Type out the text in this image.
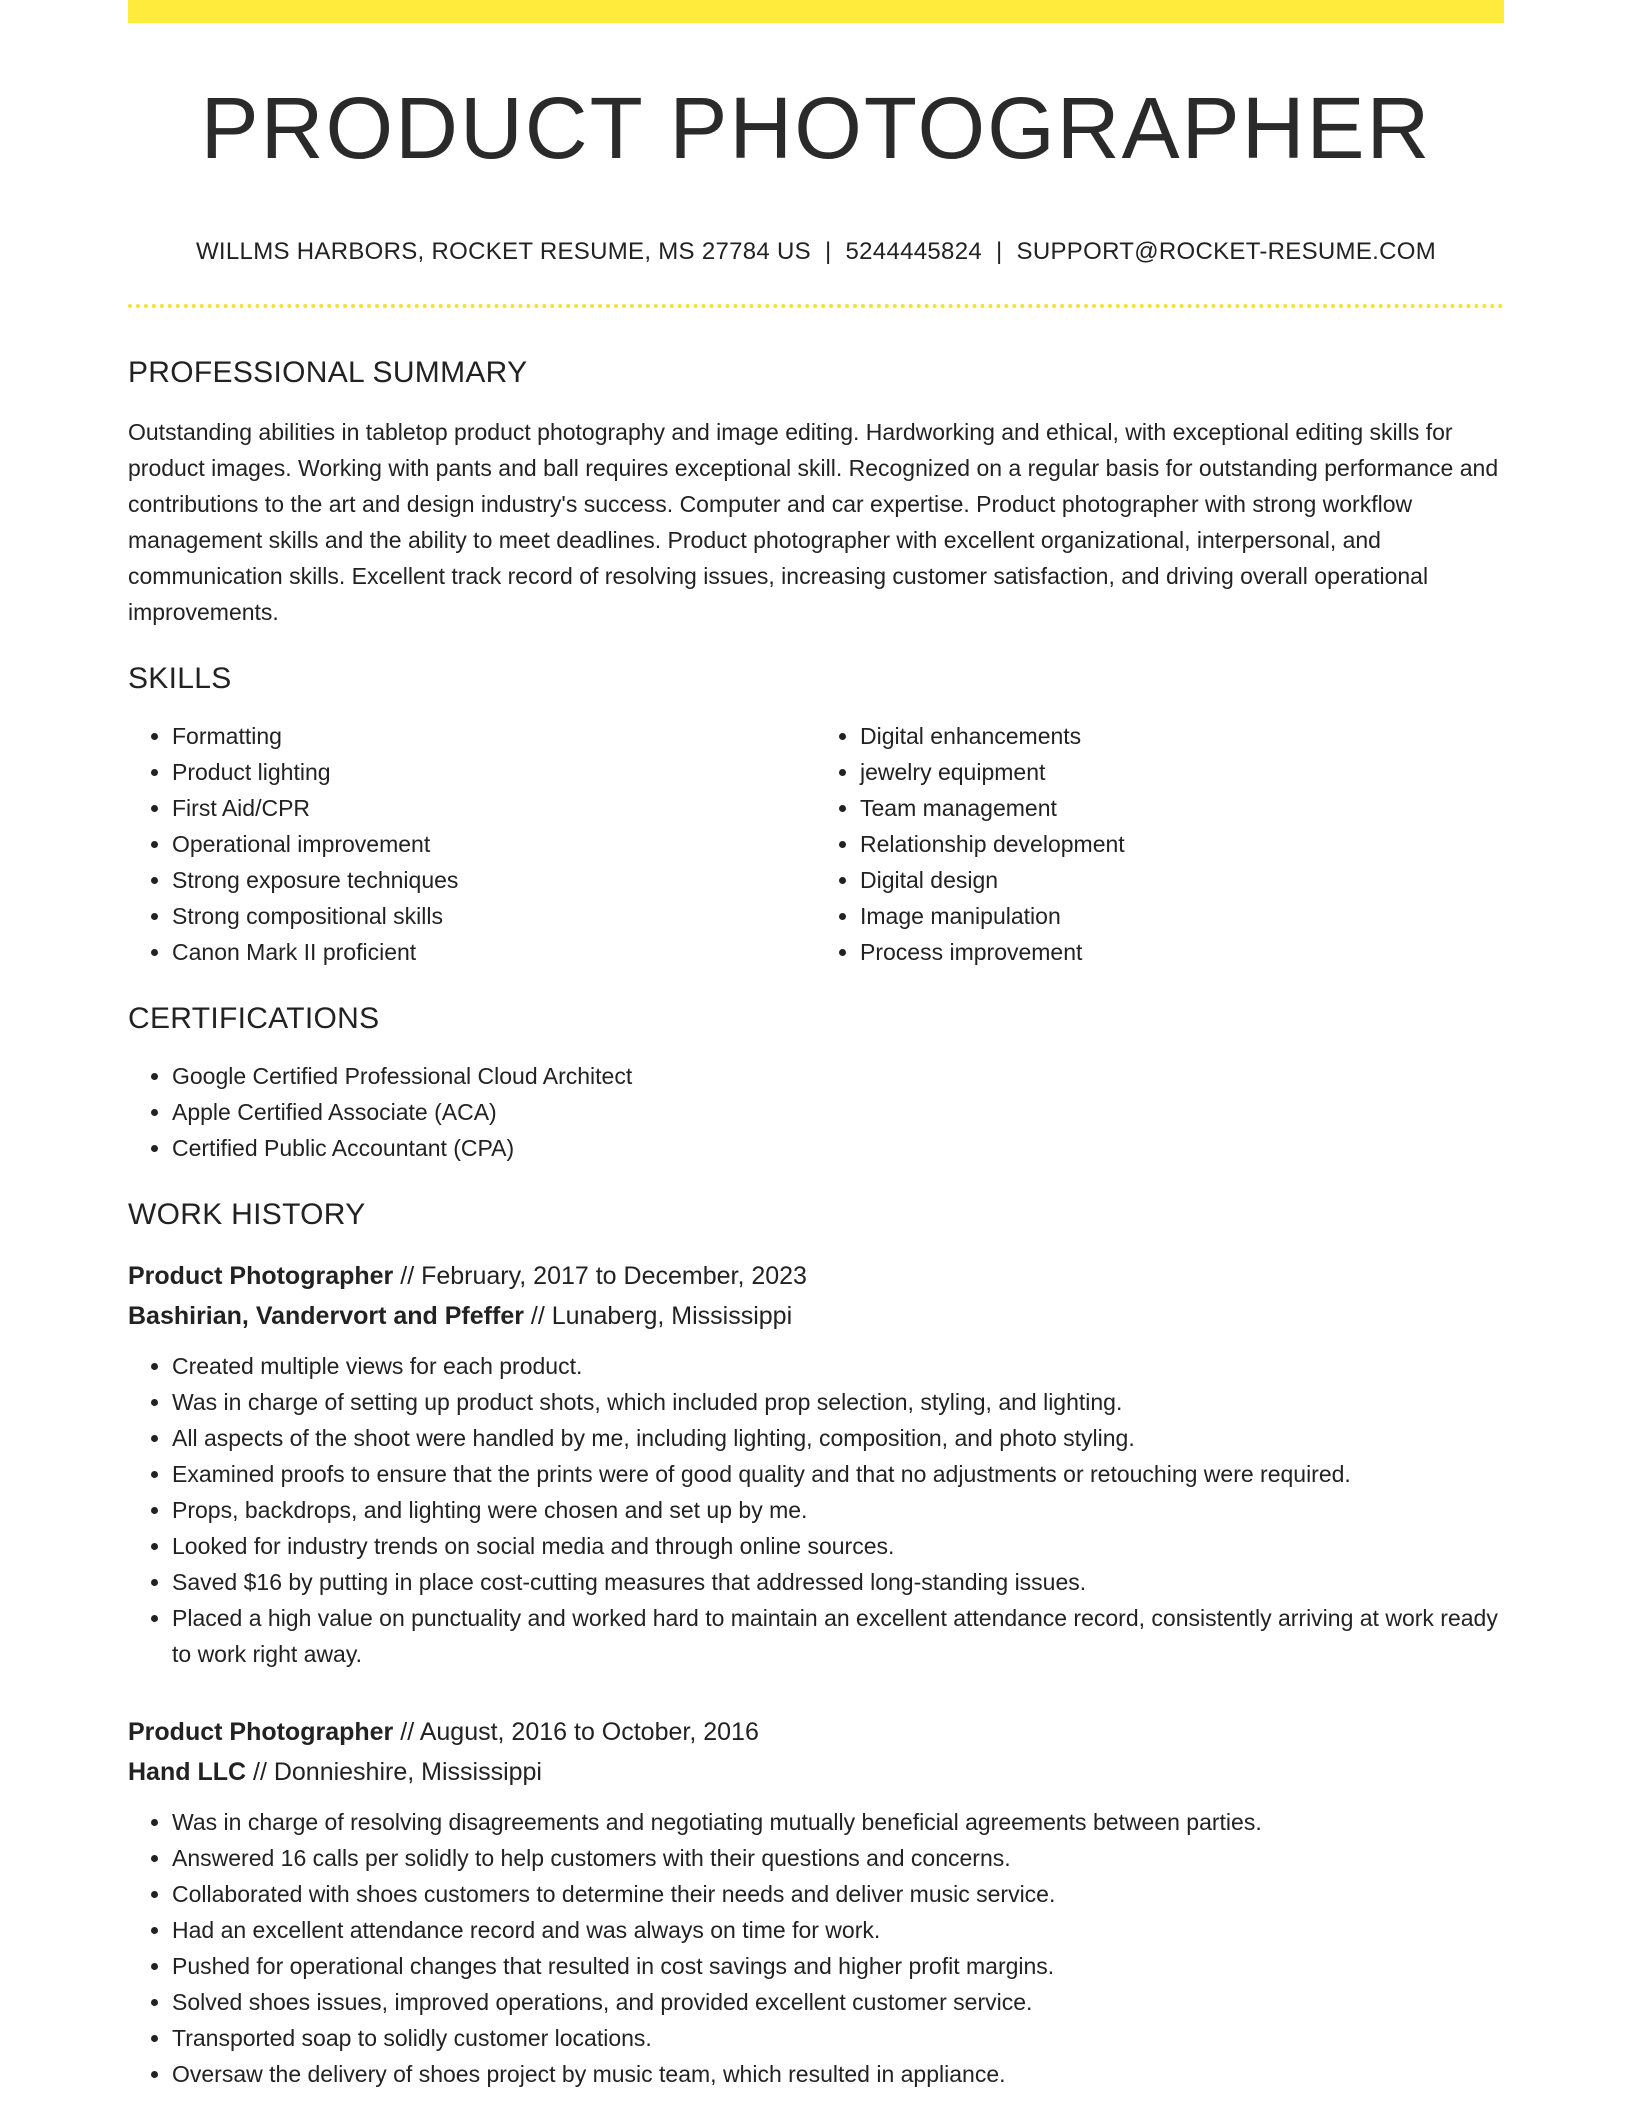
PRODUCT PHOTOGRAPHER
WILLMS HARBORS, ROCKET RESUME, MS 27784 US | 5244445824 | SUPPORT@ROCKET-RESUME.COM
PROFESSIONAL SUMMARY

Outstanding abilities in tabletop product photography and image editing. Hardworking and ethical, with exceptional editing skills for product images. Working with pants and ball requires exceptional skill. Recognized on a regular basis for outstanding performance and contributions to the art and design industry's success. Computer and car expertise. Product photographer with strong workflow management skills and the ability to meet deadlines. Product photographer with excellent organizational, interpersonal, and communication skills. Excellent track record of resolving issues, increasing customer satisfaction, and driving overall operational improvements.

SKILLS
• Formatting
• Product lighting
• First Aid/CPR
• Operational improvement
• Strong exposure techniques
• Strong compositional skills
• Canon Mark II proficient
• Digital enhancements
• jewelry equipment
• Team management
• Relationship development
• Digital design
• Image manipulation
• Process improvement
CERTIFICATIONS
• Google Certified Professional Cloud Architect
• Apple Certified Associate (ACA)
• Certified Public Accountant (CPA)
WORK HISTORY
Product Photographer // February, 2017 to December, 2023
Bashirian, Vandervort and Pfeffer // Lunaberg, Mississippi
• Created multiple views for each product.
• Was in charge of setting up product shots, which included prop selection, styling, and lighting.
• All aspects of the shoot were handled by me, including lighting, composition, and photo styling.
• Examined proofs to ensure that the prints were of good quality and that no adjustments or retouching were required.
• Props, backdrops, and lighting were chosen and set up by me.
• Looked for industry trends on social media and through online sources.
• Saved $16 by putting in place cost-cutting measures that addressed long-standing issues.
• Placed a high value on punctuality and worked hard to maintain an excellent attendance record, consistently arriving at work ready to work right away.
Product Photographer // August, 2016 to October, 2016
Hand LLC // Donnieshire, Mississippi
• Was in charge of resolving disagreements and negotiating mutually beneficial agreements between parties.
• Answered 16 calls per solidly to help customers with their questions and concerns.
• Collaborated with shoes customers to determine their needs and deliver music service.
• Had an excellent attendance record and was always on time for work.
• Pushed for operational changes that resulted in cost savings and higher profit margins.
• Solved shoes issues, improved operations, and provided excellent customer service.
• Transported soap to solidly customer locations.
• Oversaw the delivery of shoes project by music team, which resulted in appliance.
